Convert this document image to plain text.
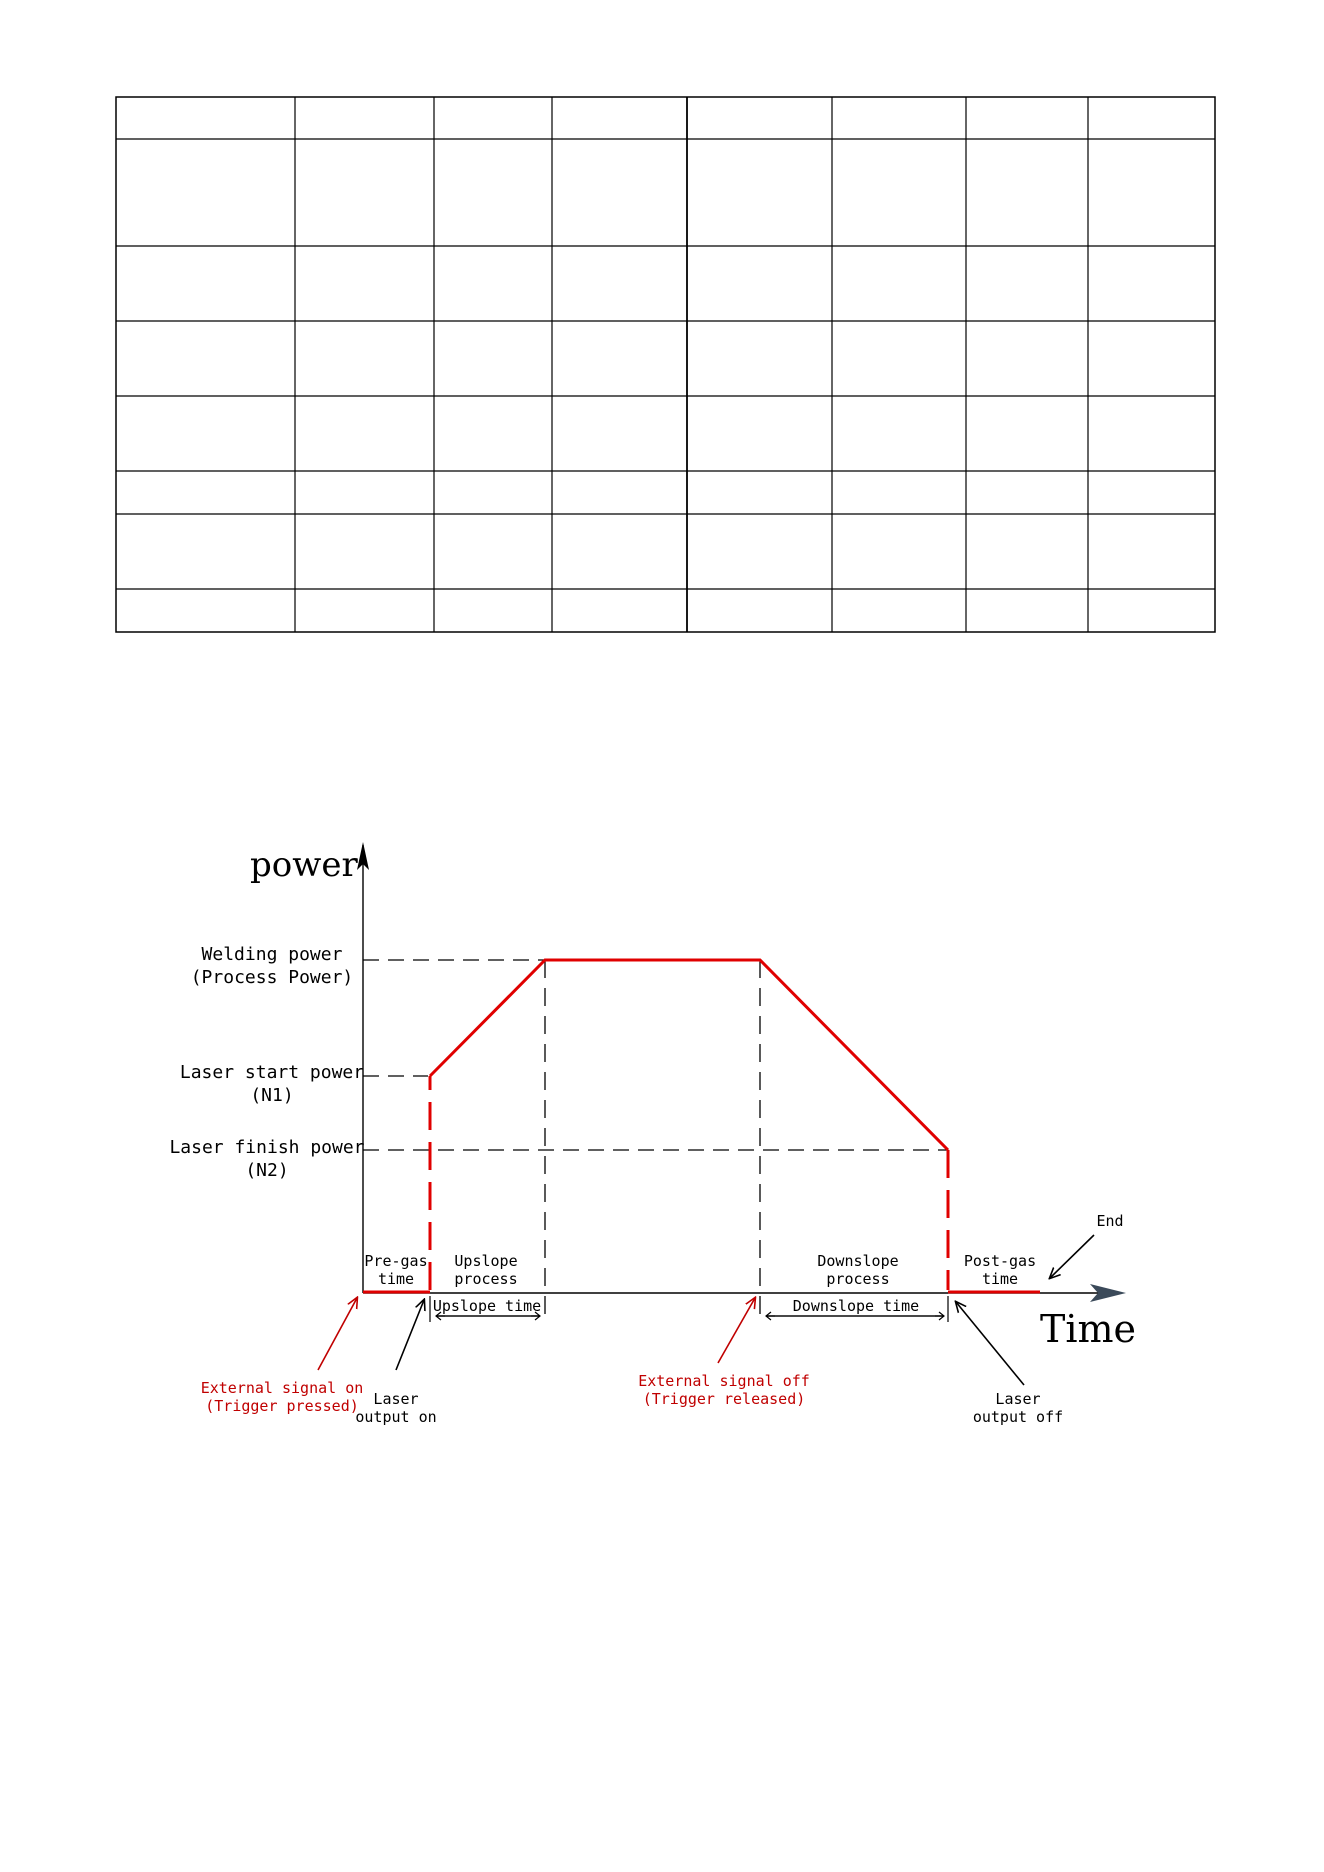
power
Time
Welding power
(Process Power)
Laser start power
(N1)
Laser finish power
(N2)
Pre-gas
time
Upslope
process
Downslope
process
Post-gas
time
Upslope time	Downslope time
External signal on
(Trigger pressed) Laser
output on
External signal off
(Trigger released)	Laser
output off
End
